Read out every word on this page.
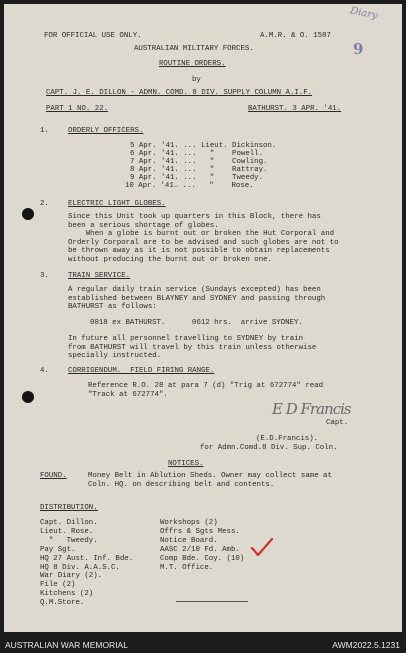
FOR OFFICIAL USE ONLY.	A.M.R. & O. 1587

Diary
9

AUSTRALIAN MILITARY FORCES.

ROUTINE ORDERS.

by

CAPT. J. E. DILLON - ADMN. COMD. 8 DIV. SUPPLY COLUMN A.I.F.

PART 1 NO. 22.	BATHURST. 3 APR. '41.

1.	ORDERLY OFFICERS.

5 Apr. '41. ... Lieut. Dickinson.

6 Apr. '41. ...   "    Powell.

7 Apr. '41. ...   "    Cowling.

8 Apr. '41. ...   "    Rattray.

9 Apr. '41. ...   "    Tweedy.

10 Apr. '41. ...   "    Rose.

2.	ELECTRIC LIGHT GLOBES.

Since this Unit took up quarters in this Block, there has
been a serious shortage of globes.
When a globe is burnt out or broken the Hut Corporal and
Orderly Corporal are to be advised and such globes are not to
be thrown away as it is not possible to obtain replacements
without producing the burnt out or broken one.

3.	TRAIN SERVICE.

A regular daily train service (Sundays excepted) has been
established between BLAYNEY and SYDNEY and passing through
BATHURST as follows:

0018 ex BATHURST.      0612 hrs.  arrive SYDNEY.

In future all personnel travelling to SYDNEY by train
from BATHURST will travel by this train unless otherwise
specially instructed.

4.	CORRIGENDUM.  FIELD FIRING RANGE.

Reference R.O. 28 at para 7 (d) "Trig at 672774" read
"Track at 672774".

E D Francis

Capt.

(E.D.Francis).

for Admn.Comd.8 Div. Sup. Coln.

NOTICES.

FOUND.	Money Belt in Ablution Sheds. Owner may collect same at
Coln. HQ. on describing belt and contents.

DISTRIBUTION.

Capt. Dillon.
Lieut. Rose.
"   Tweedy.
Pay Sgt.
HQ 27 Aust. Inf. Bde.
HQ 8 Div. A.A.S.C.
War Diary (2).
File (2)
Kitchens (2)
Q.M.Store.

Workshops (2)
Offrs & Sgts Mess.
Notice Board.
AASC 2/10 Fd. Amb.
Comp Bde. Coy. (10)
M.T. Office.

AUSTRALIAN WAR MEMORIAL	AWM2022.5.1231
